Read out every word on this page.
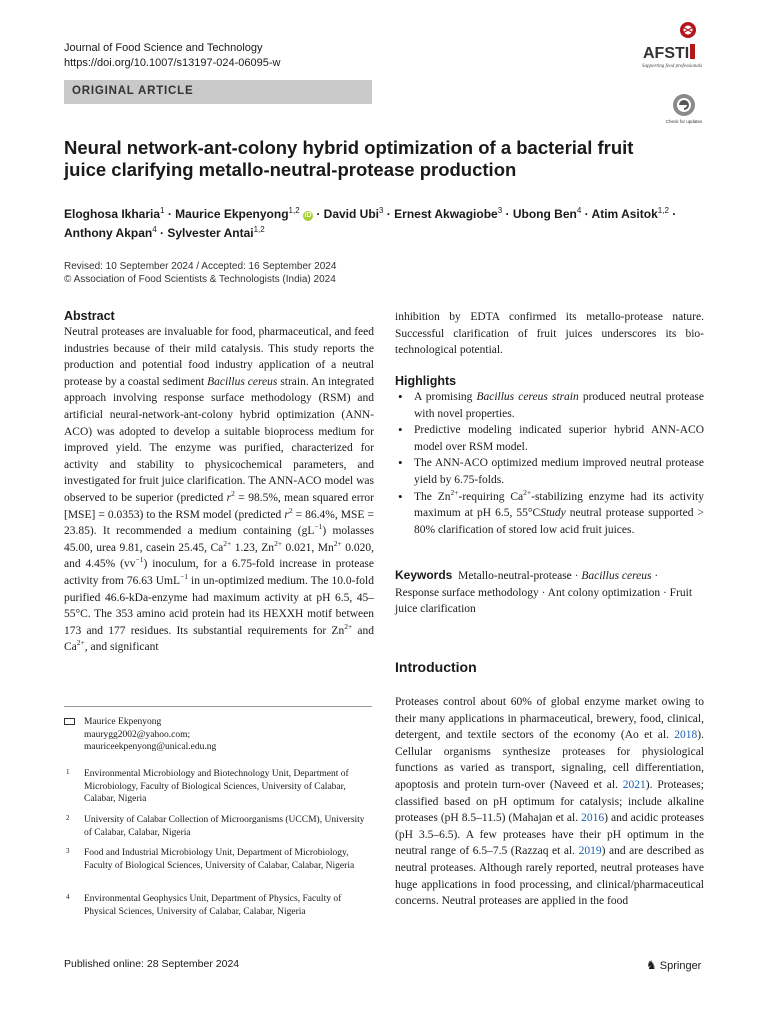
Journal of Food Science and Technology
https://doi.org/10.1007/s13197-024-06095-w
AFSTI
Supporting food professionals
ORIGINAL ARTICLE
Check for updates
Neural network-ant-colony hybrid optimization of a bacterial fruit juice clarifying metallo-neutral-protease production
Eloghosa Ikharia$^1$ · Maurice Ekpenyong$^{1,2}$ iD · David Ubi$^3$ · Ernest Akwagiobe$^3$ · Ubong Ben$^4$ · Atim Asitok$^{1,2}$ ·
Anthony Akpan$^4$ · Sylvester Antai$^{1,2}$
Revised: 10 September 2024 / Accepted: 16 September 2024
© Association of Food Scientists & Technologists (India) 2024
Abstract
Neutral proteases are invaluable for food, pharmaceutical, and feed industries because of their mild catalysis. This study reports the production and potential food industry application of a neutral protease by a coastal sediment Bacillus cereus strain. An integrated approach involving response surface methodology (RSM) and artificial neural-network-ant-colony hybrid optimization (ANN-ACO) was adopted to develop a suitable bioprocess medium for improved yield. The enzyme was purified, characterized for activity and stability to physicochemical parameters, and investigated for fruit juice clarification. The ANN-ACO model was observed to be superior (predicted $r^2 = 98.5\%$, mean squared error [MSE] = 0.0353) to the RSM model (predicted $r^2 = 86.4\%$, MSE = 23.85). It recommended a medium containing $(gL^{-1})$ molasses 45.00, urea 9.81, casein 25.45, $Ca^{2+}$ 1.23, $Zn^{2+}$ 0.021, $Mn^{2+}$ 0.020, and 4.45% $(vv^{-1})$ inoculum, for a 6.75-fold increase in protease activity from 76.63 UmL$^{-1}$ in un-optimized medium. The 10.0-fold purified 46.6-kDa-enzyme had maximum activity at pH 6.5, 45–55°C. The 353 amino acid protein had its HEXXH motif between 173 and 177 residues. Its substantial requirements for $Zn^{2+}$ and $Ca^{2+}$, and significant
inhibition by EDTA confirmed its metallo-protease nature. Successful clarification of fruit juices underscores its bio-technological potential.
Highlights
• A promising Bacillus cereus strain produced neutral protease with novel properties.
• Predictive modeling indicated superior hybrid ANN-ACO model over RSM model.
• The ANN-ACO optimized medium improved neutral protease yield by 6.75-folds.
• The $Zn^{2+}$-requiring $Ca^{2+}$-stabilizing enzyme had its activity maximum at pH 6.5, 55°CStudy neutral protease supported > 80% clarification of stored low acid fruit juices.
Keywords  Metallo-neutral-protease · Bacillus cereus · Response surface methodology · Ant colony optimization · Fruit juice clarification
Introduction
Proteases control about 60% of global enzyme market owing to their many applications in pharmaceutical, brewery, food, clinical, detergent, and textile sectors of the economy (Ao et al. 2018). Cellular organisms synthesize proteases for physiological functions as varied as transport, signaling, cell differentiation, apoptosis and protein turn-over (Naveed et al. 2021). Proteases; classified based on pH optimum for catalysis; include alkaline proteases (pH 8.5–11.5) (Mahajan et al. 2016) and acidic proteases (pH 3.5–6.5). A few proteases have their pH optimum in the neutral range of 6.5–7.5 (Razzaq et al. 2019) and are described as neutral proteases. Although rarely reported, neutral proteases have huge applications in food processing, and clinical/pharmaceutical concerns. Neutral proteases are applied in the food
Maurice Ekpenyong
maurygg2002@yahoo.com;
mauriceekpenyong@unical.edu.ng
1 Environmental Microbiology and Biotechnology Unit, Department of Microbiology, Faculty of Biological Sciences, University of Calabar, Calabar, Nigeria
2 University of Calabar Collection of Microorganisms (UCCM), University of Calabar, Calabar, Nigeria
3 Food and Industrial Microbiology Unit, Department of Microbiology, Faculty of Biological Sciences, University of Calabar, Calabar, Nigeria
4 Environmental Geophysics Unit, Department of Physics, Faculty of Physical Sciences, University of Calabar, Calabar, Nigeria
Published online: 28 September 2024	♞ Springer
